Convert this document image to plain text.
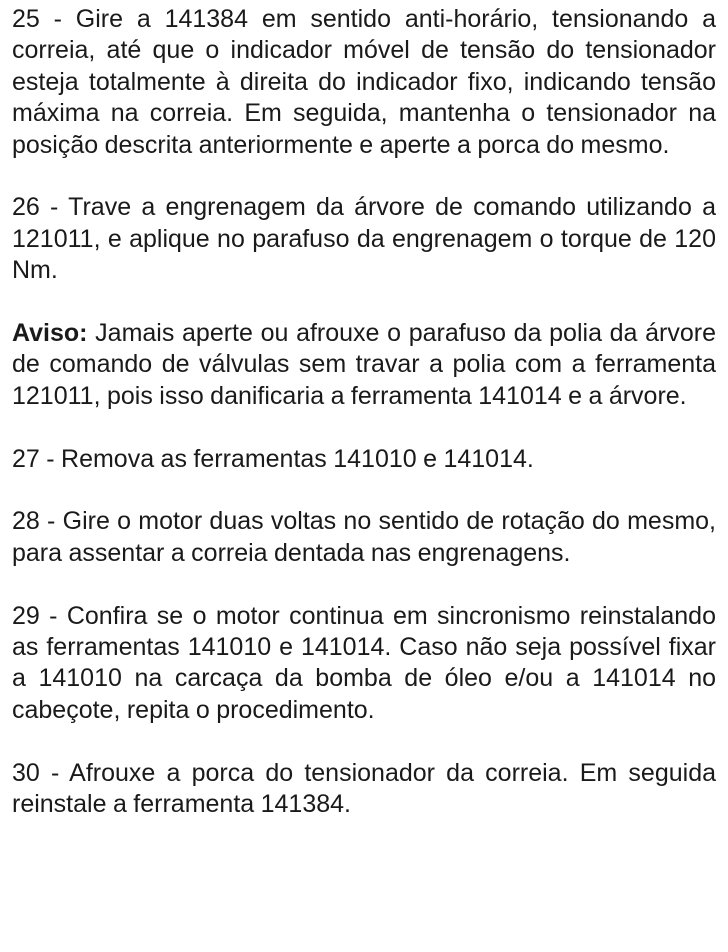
25 - Gire a 141384 em sentido anti-horário, tensionando a correia, até que o indicador móvel de tensão do tensionador esteja totalmente à direita do indicador fixo, indicando tensão máxima na correia. Em seguida, mantenha o tensionador na posição descrita anteriormente e aperte a porca do mesmo.

26 - Trave a engrenagem da árvore de comando utilizando a 121011, e aplique no parafuso da engrenagem o torque de 120 Nm.

Aviso: Jamais aperte ou afrouxe o parafuso da polia da árvore de comando de válvulas sem travar a polia com a ferramenta 121011, pois isso danificaria a ferramenta 141014 e a árvore.

27 - Remova as ferramentas 141010 e 141014.

28 - Gire o motor duas voltas no sentido de rotação do mesmo, para assentar a correia dentada nas engrenagens.

29 - Confira se o motor continua em sincronismo reinstalando as ferramentas 141010 e 141014. Caso não seja possível fixar a 141010 na carcaça da bomba de óleo e/ou a 141014 no cabeçote, repita o procedimento.

30 - Afrouxe a porca do tensionador da correia. Em seguida reinstale a ferramenta 141384.
